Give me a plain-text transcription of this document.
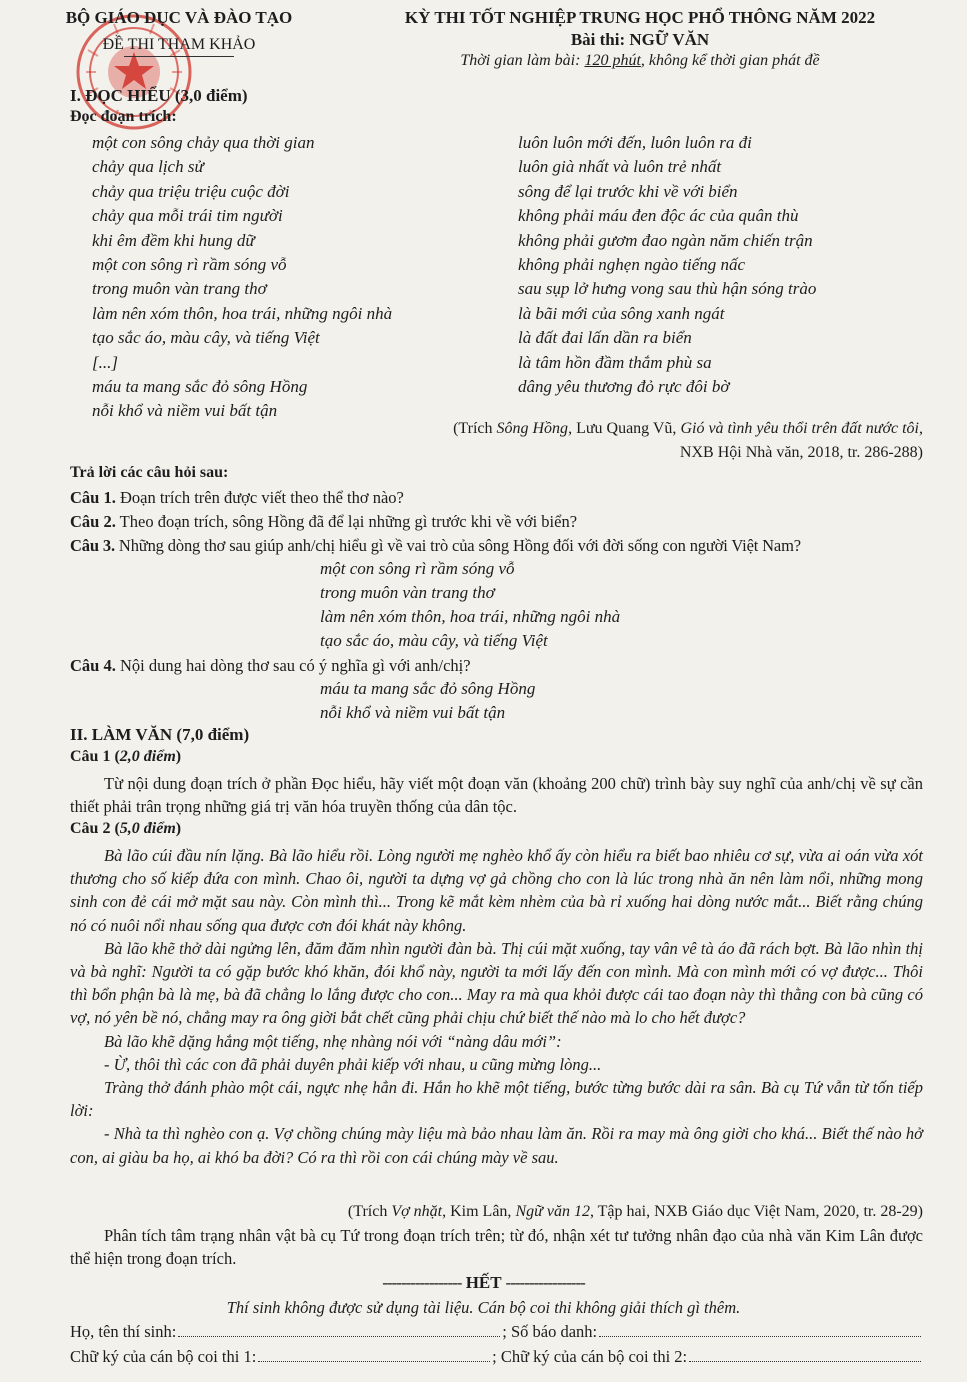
BỘ GIÁO DỤC VÀ ĐÀO TẠO
ĐỀ THI THAM KHẢO
KỲ THI TỐT NGHIỆP TRUNG HỌC PHỔ THÔNG NĂM 2022
Bài thi: NGỮ VĂN
Thời gian làm bài: 120 phút, không kể thời gian phát đề
I. ĐỌC HIỂU (3,0 điểm)
Đọc đoạn trích:
một con sông chảy qua thời gian
chảy qua lịch sử
chảy qua triệu triệu cuộc đời
chảy qua mỗi trái tim người
khi êm đềm khi hung dữ
một con sông rì rầm sóng vỗ
trong muôn vàn trang thơ
làm nên xóm thôn, hoa trái, những ngôi nhà
tạo sắc áo, màu cây, và tiếng Việt
[...]
máu ta mang sắc đỏ sông Hồng
nỗi khổ và niềm vui bất tận
luôn luôn mới đến, luôn luôn ra đi
luôn già nhất và luôn trẻ nhất
sông để lại trước khi về với biển
không phải máu đen độc ác của quân thù
không phải gươm đao ngàn năm chiến trận
không phải nghẹn ngào tiếng nấc
sau sụp lở hưng vong sau thù hận sóng trào
là bãi mới của sông xanh ngát
là đất đai lấn dần ra biển
là tâm hồn đầm thắm phù sa
dâng yêu thương đỏ rực đôi bờ
(Trích Sông Hồng, Lưu Quang Vũ, Gió và tình yêu thổi trên đất nước tôi,
NXB Hội Nhà văn, 2018, tr. 286-288)
Trả lời các câu hỏi sau:
Câu 1. Đoạn trích trên được viết theo thể thơ nào?
Câu 2. Theo đoạn trích, sông Hồng đã để lại những gì trước khi về với biển?
Câu 3. Những dòng thơ sau giúp anh/chị hiểu gì về vai trò của sông Hồng đối với đời sống con người Việt Nam?
một con sông rì rầm sóng vỗ
trong muôn vàn trang thơ
làm nên xóm thôn, hoa trái, những ngôi nhà
tạo sắc áo, màu cây, và tiếng Việt
Câu 4. Nội dung hai dòng thơ sau có ý nghĩa gì với anh/chị?
máu ta mang sắc đỏ sông Hồng
nỗi khổ và niềm vui bất tận
II. LÀM VĂN (7,0 điểm)
Câu 1 (2,0 điểm)
Từ nội dung đoạn trích ở phần Đọc hiểu, hãy viết một đoạn văn (khoảng 200 chữ) trình bày suy nghĩ của anh/chị về sự cần thiết phải trân trọng những giá trị văn hóa truyền thống của dân tộc.
Câu 2 (5,0 điểm)
Bà lão cúi đầu nín lặng. Bà lão hiểu rồi. Lòng người mẹ nghèo khổ ấy còn hiểu ra biết bao nhiêu cơ sự, vừa ai oán vừa xót thương cho số kiếp đứa con mình. Chao ôi, người ta dựng vợ gả chồng cho con là lúc trong nhà ăn nên làm nổi, những mong sinh con đẻ cái mở mặt sau này. Còn mình thì... Trong kẽ mắt kèm nhèm của bà rỉ xuống hai dòng nước mắt... Biết rằng chúng nó có nuôi nổi nhau sống qua được cơn đói khát này không.
Bà lão khẽ thở dài ngửng lên, đăm đăm nhìn người đàn bà. Thị cúi mặt xuống, tay vân vê tà áo đã rách bợt. Bà lão nhìn thị và bà nghĩ: Người ta có gặp bước khó khăn, đói khổ này, người ta mới lấy đến con mình. Mà con mình mới có vợ được... Thôi thì bổn phận bà là mẹ, bà đã chẳng lo lắng được cho con... May ra mà qua khỏi được cái tao đoạn này thì thằng con bà cũng có vợ, nó yên bề nó, chẳng may ra ông giời bắt chết cũng phải chịu chứ biết thế nào mà lo cho hết được?
Bà lão khẽ dặng hắng một tiếng, nhẹ nhàng nói với “nàng dâu mới”:
- Ừ, thôi thì các con đã phải duyên phải kiếp với nhau, u cũng mừng lòng...
Tràng thở đánh phào một cái, ngực nhẹ hẳn đi. Hắn ho khẽ một tiếng, bước từng bước dài ra sân. Bà cụ Tứ vẫn từ tốn tiếp lời:
- Nhà ta thì nghèo con ạ. Vợ chồng chúng mày liệu mà bảo nhau làm ăn. Rồi ra may mà ông giời cho khá... Biết thế nào hở con, ai giàu ba họ, ai khó ba đời? Có ra thì rồi con cái chúng mày về sau.
(Trích Vợ nhặt, Kim Lân, Ngữ văn 12, Tập hai, NXB Giáo dục Việt Nam, 2020, tr. 28-29)
Phân tích tâm trạng nhân vật bà cụ Tứ trong đoạn trích trên; từ đó, nhận xét tư tưởng nhân đạo của nhà văn Kim Lân được thể hiện trong đoạn trích.
----------------- HẾT -----------------
Thí sinh không được sử dụng tài liệu. Cán bộ coi thi không giải thích gì thêm.
Họ, tên thí sinh:	; Số báo danh:
Chữ ký của cán bộ coi thi 1:	; Chữ ký của cán bộ coi thi 2:
